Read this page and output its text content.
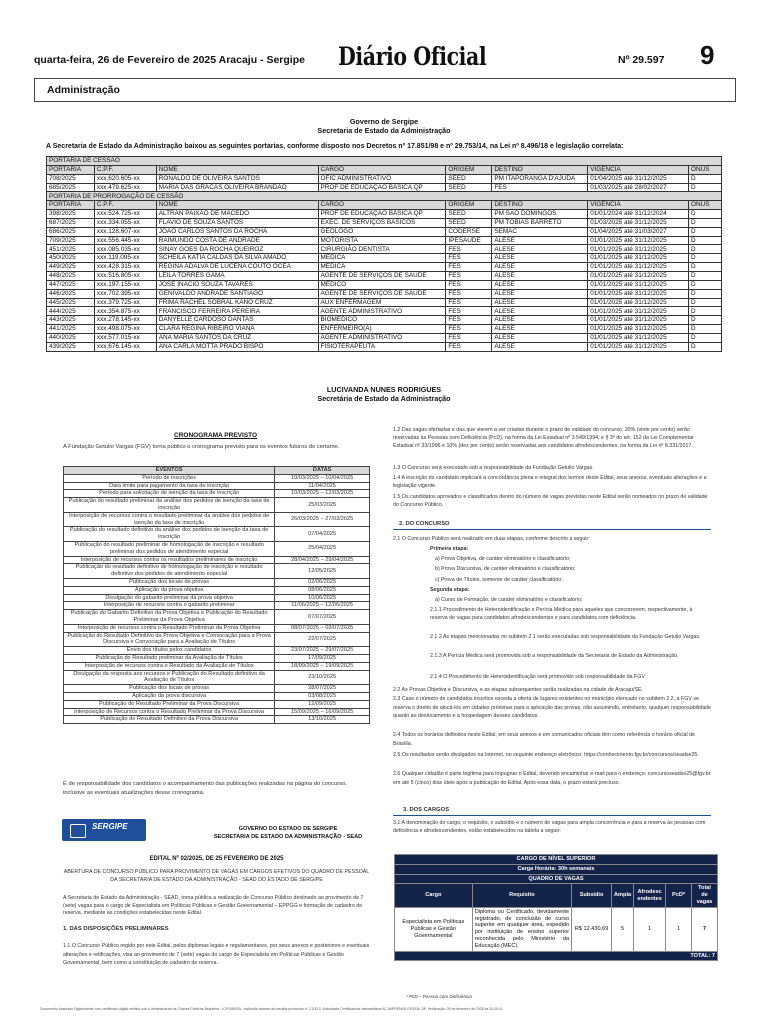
quarta-feira, 26 de Fevereiro de 2025 Aracaju - Sergipe Diário Oficial	Nº 29.597 9
Administração
Governo de Sergipe
Secretaria de Estado da Administração
A Secretaria de Estado da Administração baixou as seguintes portarias, conforme disposto nos Decretos nº 17.851/98 e nº 29.753/14, na Lei nº 8.496/18 e legislação correlata:
PORTARIA DE CESSÃO							
PORTARIA	C.P.F.	NOME	CARGO	ORIGEM	DESTINO	VIGÊNCIA	ÔNUS
708/2025	xxx.620.605-xx	RONALDO DE OLIVEIRA SANTOS	OFIC ADMINISTRATIVO	SEED	PM ITAPORANGA D'AJUDA	01/04/2025 até 31/12/2025	D
685/2025	xxx.479.625-xx	MARIA DAS GRACAS OLIVEIRA BRANDAO	PROF DE EDUCAÇÃO BÁSICA QP	SEED	FES	01/03/2025 até 28/02/2027	D
PORTARIA DE PRORROGAÇÃO DE CESSÃO							
PORTARIA	C.P.F.	NOME	CARGO	ORIGEM	DESTINO	VIGÊNCIA	ÔNUS
398/2025	xxx.524.725-xx	ALTRAN PAIXÃO DE MACEDO	PROF DE EDUCAÇÃO BÁSICA QP	SEED	PM SÃO DOMINGOS	01/01/2024 até 31/12/2024	D
687/2025	xxx.334.055-xx	FLAVIO DE SOUZA SANTOS	EXEC. DE SERVIÇOS BÁSICOS	SEED	PM TOBIAS BARRETO	01/03/2025 até 31/12/2025	D
686/2025	xxx.128.607-xx	JOAO CARLOS SANTOS DA ROCHA	GEOLOGO	CODERSE	SEMAC	01/04/2025 até 31/03/2027	D
709/2025	xxx.556.445-xx	RAIMUNDO COSTA DE ANDRADE	MOTORISTA	IPESAUDE	ALESE	01/01/2025 até 31/12/2025	D
451/2025	xxx.085.035-xx	SINAY GOES DA ROCHA QUEIROZ	CIRURGIÃO DENTISTA	FES	ALESE	01/01/2025 até 31/12/2025	D
450/2025	xxx.119.095-xx	SCHEILA KATIA CALDAS DA SILVA AMADO	MÉDICA	FES	ALESE	01/01/2025 até 31/12/2025	D
449/2025	xxx.428.315-xx	REGINA ADALVA DE LUCENA COUTO OCEA	MÉDICA	FES	ALESE	01/01/2025 até 31/12/2025	D
448/2025	xxx.516.805-xx	LEILA TORRES GAMA	AGENTE DE SERVIÇOS DE SAÚDE	FES	ALESE	01/01/2025 até 31/12/2025	D
447/2025	xxx.197.155-xx	JOSE INACIO SOUZA TAVARES	MÉDICO	FES	ALESE	01/01/2025 até 31/12/2025	D
446/2025	xxx.702.395-xx	GENIVALDO ANDRADE SANTIAGO	AGENTE DE SERVIÇOS DE SAÚDE	FES	ALESE	01/01/2025 até 31/12/2025	D
445/2025	xxx.379.725-xx	FRIMA RACHEL SOBRAL KANO CRUZ	AUX ENFERMAGEM	FES	ALESE	01/01/2025 até 31/12/2025	D
444/2025	xxx.354.875-xx	FRANCISCO FERREIRA PEREIRA	AGENTE ADMINISTRATIVO	FES	ALESE	01/01/2025 até 31/12/2025	D
443/2025	xxx.278.145-xx	DANYELLE CARDOSO DANTAS	BIOMÉDICO	FES	ALESE	01/01/2025 até 31/12/2025	D
441/2025	xxx.498.075-xx	CLARA REGINA RIBEIRO VIANA	ENFERMEIRO(A)	FES	ALESE	01/01/2025 até 31/12/2025	D
440/2025	xxx.577.015-xx	ANA MARIA SANTOS DA CRUZ	AGENTE ADMINISTRATIVO	FES	ALESE	01/01/2025 até 31/12/2025	D
439/2025	xxx.676.145-xx	ANA CARLA MOTTA PRADO BISPO	FISIOTERAPEUTA	FES	ALESE	01/01/2025 até 31/12/2025	D
LUCIVANDA NUNES RODRIGUES
Secretária de Estado da Administração
CRONOGRAMA PREVISTO
A Fundação Getulio Vargas (FGV) torna público o cronograma previsto para os eventos futuros do certame.
EVENTOS	DATAS
Período de inscrições	10/03/2025 – 10/04/2025
Data limite para pagamento da taxa de inscrição	11/04/2025
Período para solicitação de isenção da taxa de inscrição	10/03/2025 – 12/03/2025
Publicação do resultado preliminar da análise dos pedidos de isenção da taxa de inscrição	25/03/2025
Interposição de recursos contra o resultado preliminar da análise dos pedidos de isenção da taxa de inscrição	26/03/2025 – 27/03/2025
Publicação do resultado definitivo da análise dos pedidos de isenção da taxa de inscrição	07/04/2025
Publicação do resultado preliminar de homologação de inscrição e resultado preliminar dos pedidos de atendimento especial	25/04/2025
Interposição de recursos contra os resultados preliminares de inscrição	28/04/2025 – 29/04/2025
Publicação do resultado definitivo de homologação de inscrição e resultado definitivo dos pedidos de atendimento especial	12/05/2025
Publicação dos locais de provas	02/06/2025
Aplicação da prova objetiva	08/06/2025
Divulgação do gabarito preliminar da prova objetiva	10/06/2025
Interposição de recursos contra o gabarito preliminar	11/06/2025 – 12/06/2025
Publicação do Gabarito Definitivo da Prova Objetiva e Publicação do Resultado Preliminar da Prova Objetiva	07/07/2025
Interposição de recursos contra o Resultado Preliminar da Prova Objetiva	08/07/2025 – 09/07/2025
Publicação do Resultado Definitivo da Prova Objetiva e Convocação para a Prova Discursiva e Convocação para a Avaliação de Títulos	22/07/2025
Envio dos títulos pelos candidatos	23/07/2025 – 29/07/2025
Publicação do Resultado preliminar da Avaliação de Títulos	17/09/2025
Interposição de recursos contra o Resultado da Avaliação de Títulos	18/09/2025 – 19/09/2025
Divulgação da resposta aos recursos e Publicação do Resultado definitivo da Avaliação de Títulos	23/10/2025
Publicação dos locais de provas	28/07/2025
Aplicação da prova discursiva	03/08/2025
Publicação do Resultado Preliminar da Prova Discursiva	12/09/2025
Interposição de Recursos contra o Resultado Preliminar da Prova Discursiva	15/09/2025 – 16/09/2025
Publicação do Resultado Definitivo da Prova Discursiva	13/10/2025
É de responsabilidade dos candidatos o acompanhamento das publicações realizadas na página do concurso, inclusive as eventuais atualizações desse cronograma.
SERGIPE	GOVERNO DO ESTADO DE SERGIPE
SECRETARIA DE ESTADO DA ADMINISTRAÇÃO - SEAD
EDITAL Nº 02/2025, DE 25 FEVEREIRO DE 2025
ABERTURA DE CONCURSO PÚBLICO PARA PROVIMENTO DE VAGAS EM CARGOS EFETIVOS DO QUADRO DE PESSOAL DA SECRETARIA DE ESTADO DA ADMINISTRAÇÃO - SEAD DO ESTADO DE SERGIPE
A Secretaria de Estado da Administração - SEAD, torna pública a realização de Concurso Público destinado ao provimento de 7 (sete) vagas para o cargo de Especialista em Políticas Públicas e Gestão Governamental – EPPGG e formação de cadastro de reserva, mediante as condições estabelecidas neste Edital.
1. DAS DISPOSIÇÕES PRELIMINARES
1.1 O Concurso Público regido por este Edital, pelos diplomas legais e regulamentares, por seus anexos e posteriores e eventuais alterações e retificações, visa ao provimento de 7 (sete) vagas do cargo de Especialista em Políticas Públicas e Gestão Governamental, bem como a constituição de cadastro de reserva.
1.2 Das vagas ofertadas e das que vierem a ser criadas durante o prazo de validade do concurso, 20% (vinte por cento) serão reservadas às Pessoas com Deficiência (PcD), na forma da Lei Estadual nº 3.549/1994, e § 3º do art. 152 da Lei Complementar Estadual nº 33/1996 e 10% (dez por cento) serão reservadas aos candidatos afrodescendentes, na forma da Lei nº 8.331/2017.
1.3 O Concurso será executado sob a responsabilidade da Fundação Getulio Vargas.
1.4 A inscrição do candidato implicará a concordância plena e integral dos termos deste Edital, seus anexos, eventuais alterações e a legislação vigente.
1.5 Os candidatos aprovados e classificados dentro do número de vagas previstas neste Edital serão nomeados no prazo de validade do Concurso Público.
2. DO CONCURSO
2.1 O Concurso Público será realizado em duas etapas, conforme descrito a seguir:
Primeira etapa:
a) Prova Objetiva, de caráter eliminatório e classificatório;
b) Prova Discursiva, de caráter eliminatório e classificatório;
c) Prova de Títulos, somente de caráter classificatório;
Segunda etapa:
a) Curso de Formação, de caráter eliminatório e classificatório;
2.1.1 Procedimento de Heteroidentificação e Perícia Médica para aqueles que concorrerem, respectivamente, à reserva de vagas para candidatos afrodescendentes e para candidatos com deficiência.
2.1.2 As etapas mencionadas no subitem 2.1 serão executadas sob responsabilidade da Fundação Getulio Vargas.
2.1.3 A Perícia Médica será promovida sob a responsabilidade da Secretaria de Estado da Administração.
2.1.4 O Procedimento de Heteroidentificação será promovido sob responsabilidade da FGV.
2.2 As Provas Objetiva e Discursiva, e as etapas subsequentes serão realizadas na cidade de Aracaju/SE.
2.3 Caso o número de candidatos inscritos exceda a oferta de lugares existentes no município elencado no subitem 2.2, a FGV se reserva o direito de alocá-los em cidades próximas para a aplicação das provas, não assumindo, entretanto, qualquer responsabilidade quanto ao deslocamento e à hospedagem desses candidatos.
2.4 Todos os horários definidos neste Edital, em seus anexos e em comunicados oficiais têm como referência o horário oficial de Brasília.
2.5 Os resultados serão divulgados na Internet, no seguinte endereço eletrônico: https://conhecimento.fgv.br/concursos/seadse25.
2.6 Qualquer cidadão é parte legítima para impugnar o Edital, devendo encaminhar e-mail para o endereço: concursoseadse25@fgv.br em até 5 (cinco) dias úteis após a publicação do Edital. Após essa data, o prazo estará precluso.
3. DOS CARGOS
3.1 A denominação do cargo, o requisito, o subsídio e o número de vagas para ampla concorrência e para a reserva às pessoas com deficiência e afrodescendentes, estão estabelecidos na tabela a seguir:
CARGO DE NÍVEL SUPERIOR						
Carga Horária: 30h semanais						
QUADRO DE VAGAS						
Cargo	Requisito	Subsídio	Ampla	Afrodesc endentes	PcD*	Total de vagas
Especialista em Políticas Públicas e Gestão Governamental	Diploma ou Certificado, devidamente registrado, de conclusão de curso superior em qualquer área, expedido por instituição de ensino superior reconhecida pelo Ministério da Educação (MEC).	R$ 12.430,69	5	1	1	7
TOTAL: 7						
* PcD – Pessoa com Deficiência
Documento Assinado Digitalmente com certificado digital emitido sob a Infraestrutura de Chaves Públicas Brasileira - ICP-BRASIL, instituída através da medida provisória nº 2.200-2. Autoridade Certificadora intermediária AC IMPRENSA OFICIAL SP. Verificação: 25 de fevereiro de 2025 às 20:29:11
